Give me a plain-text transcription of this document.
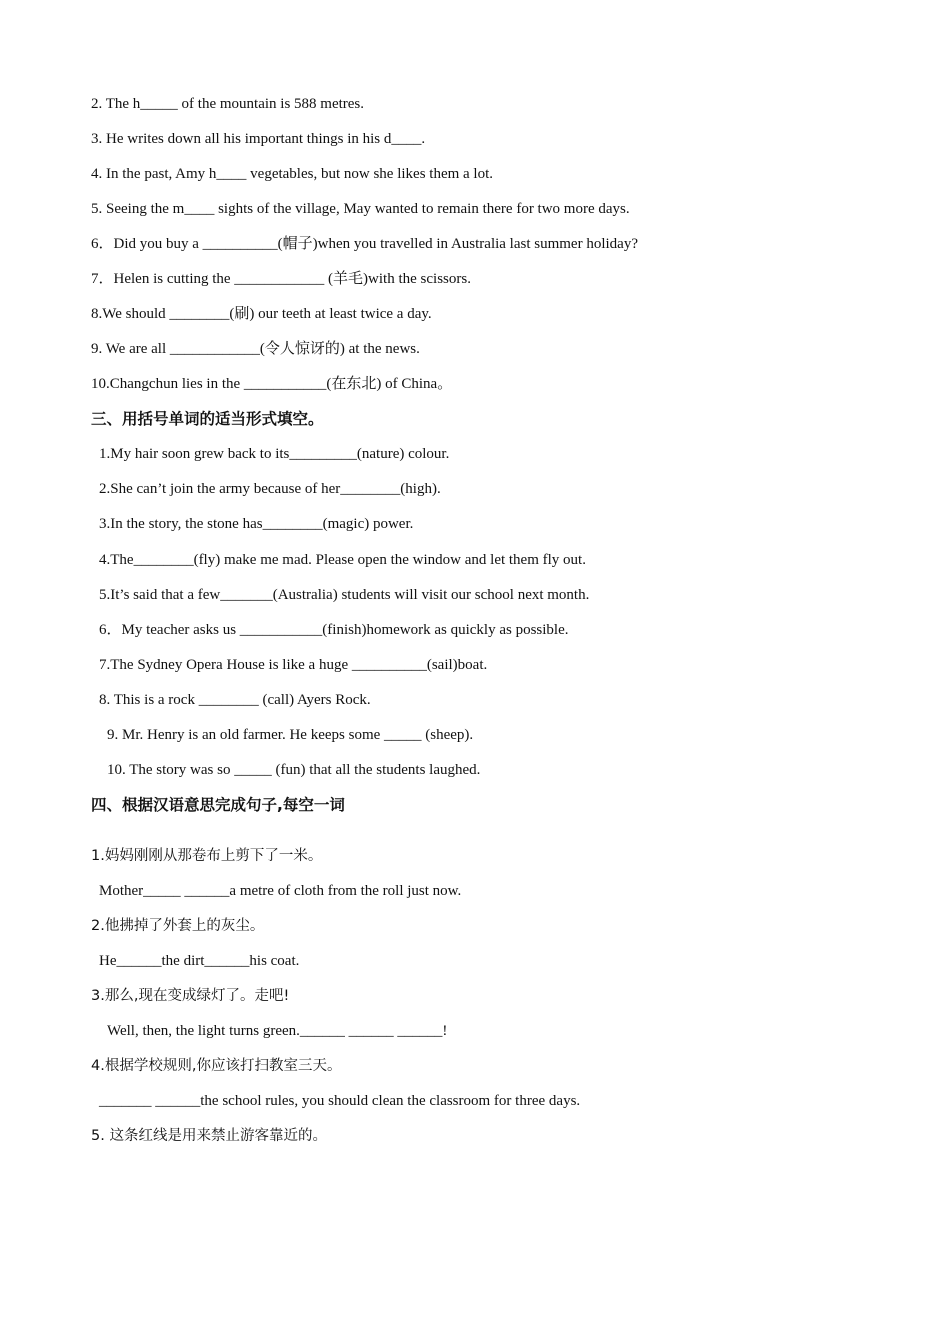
2. The h_____ of the mountain is 588 metres.
3. He writes down all his important things in his d____.
4. In the past, Amy h____ vegetables, but now she likes them a lot.
5. Seeing the m____ sights of the village, May wanted to remain there for two more days.
6．Did you buy a __________(帽子)when you travelled in Australia last summer holiday?
7．Helen is cutting the ____________ (羊毛)with the scissors.
8.We should ________(刷) our teeth at least twice a day.
9. We are all ____________(令人惊讶的) at the news.
10.Changchun lies in the ___________(在东北) of China。
三、用括号单词的适当形式填空。
1.My hair soon grew back to its_________(nature) colour.
2.She can’t join the army because of her________(high).
3.In the story, the stone has________(magic) power.
4.The________(fly) make me mad. Please open the window and let them fly out.
5.It’s said that a few_______(Australia) students will visit our school next month.
6．My teacher asks us ___________(finish)homework as quickly as possible.
7.The Sydney Opera House is like a huge __________(sail)boat.
8. This is a rock ________ (call) Ayers Rock.
9. Mr. Henry is an old farmer. He keeps some _____ (sheep).
10. The story was so _____ (fun) that all the students laughed.
四、根据汉语意思完成句子,每空一词
1.妈妈刚刚从那卷布上剪下了一米。
Mother_____ ______a metre of cloth from the roll just now.
2.他拂掉了外套上的灰尘。
He______the dirt______his coat.
3.那么,现在变成绿灯了。走吧!
Well, then, the light turns green.______ ______ ______!
4.根据学校规则,你应该打扫教室三天。
_______ ______the school rules, you should clean the classroom for three days.
5. 这条红线是用来禁止游客靠近的。
